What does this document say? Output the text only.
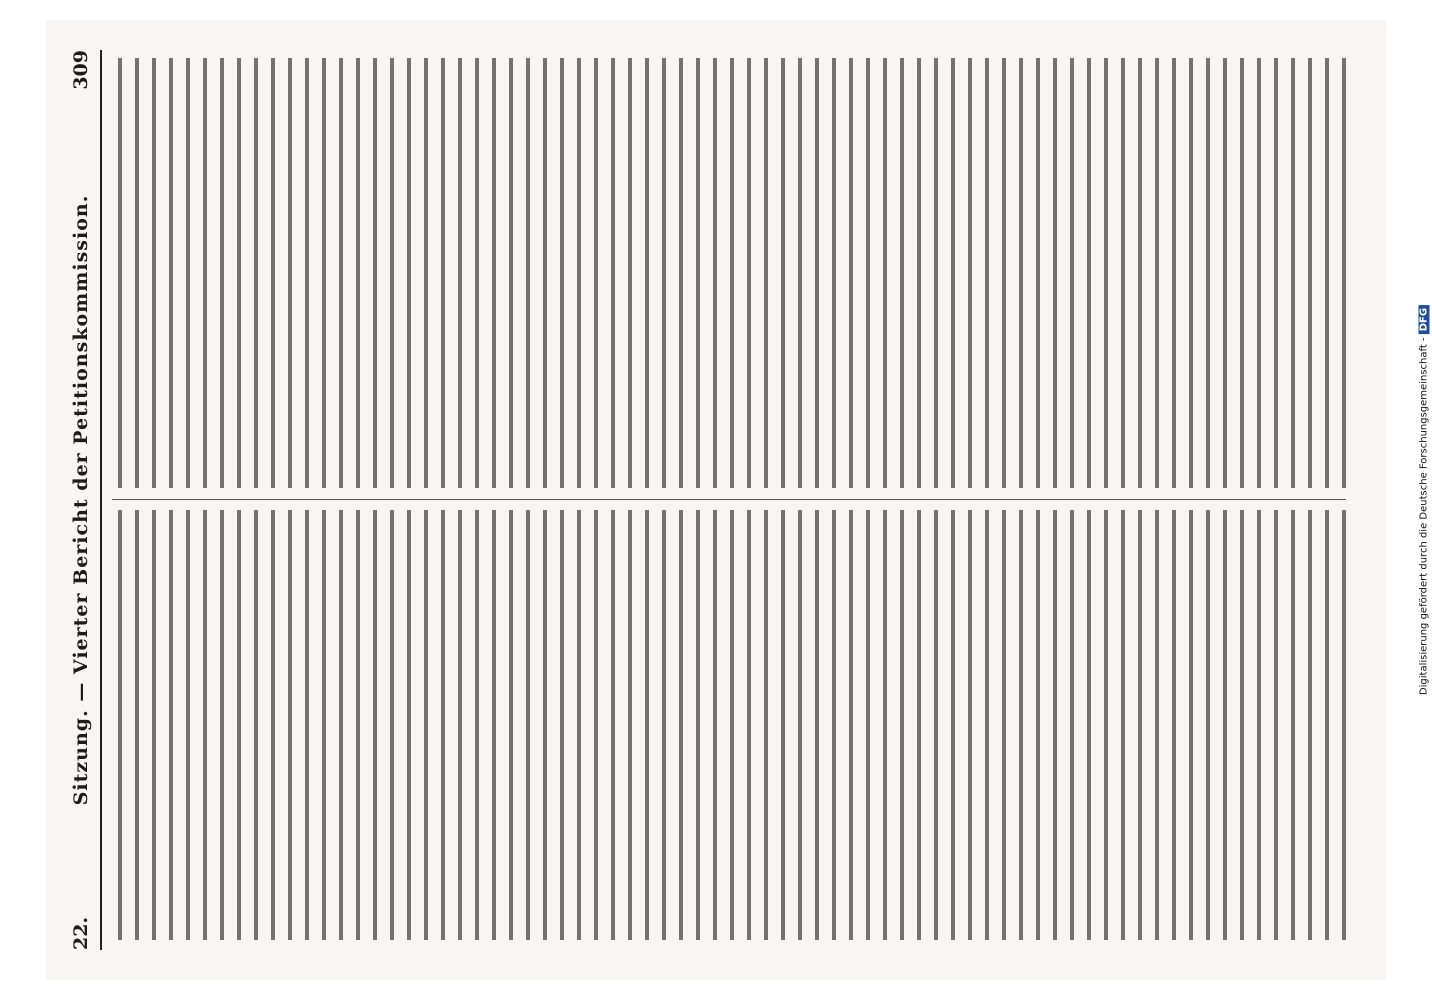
22.
Sitzung. — Vierter Bericht der Petitionskommission.
309
Digitalisierung gefördert durch die Deutsche Forschungsgemeinschaft - DFG
